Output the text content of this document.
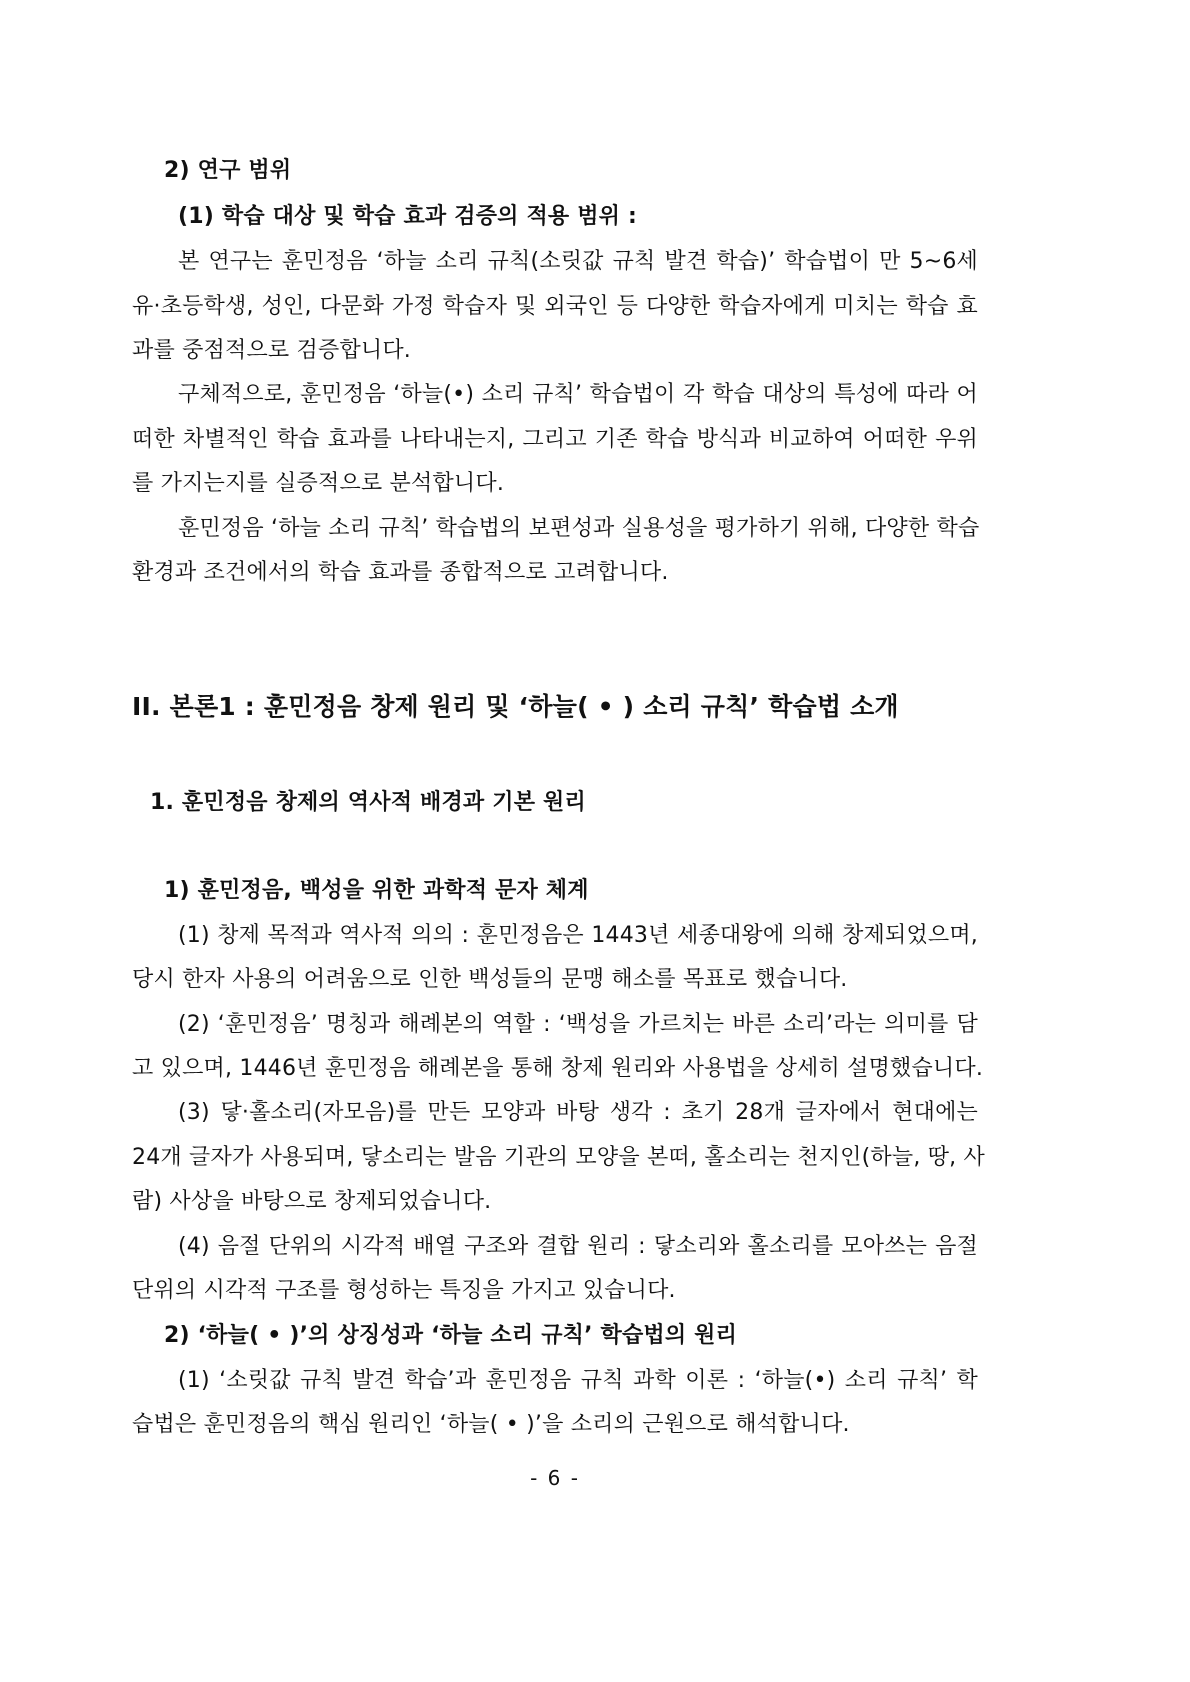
2) 연구 범위
(1) 학습 대상 및 학습 효과 검증의 적용 범위 :
본 연구는 훈민정음 ‘하늘 소리 규칙(소릿값 규칙 발견 학습)’ 학습법이 만 5~6세
유·초등학생, 성인, 다문화 가정 학습자 및 외국인 등 다양한 학습자에게 미치는 학습 효
과를 중점적으로 검증합니다.
구체적으로, 훈민정음 ‘하늘(•) 소리 규칙’ 학습법이 각 학습 대상의 특성에 따라 어
떠한 차별적인 학습 효과를 나타내는지, 그리고 기존 학습 방식과 비교하여 어떠한 우위
를 가지는지를 실증적으로 분석합니다.
훈민정음 ‘하늘 소리 규칙’ 학습법의 보편성과 실용성을 평가하기 위해, 다양한 학습
환경과 조건에서의 학습 효과를 종합적으로 고려합니다.
II. 본론1 : 훈민정음 창제 원리 및 ‘하늘( • ) 소리 규칙’ 학습법 소개
1. 훈민정음 창제의 역사적 배경과 기본 원리
1) 훈민정음, 백성을 위한 과학적 문자 체계
(1) 창제 목적과 역사적 의의 : 훈민정음은 1443년 세종대왕에 의해 창제되었으며,
당시 한자 사용의 어려움으로 인한 백성들의 문맹 해소를 목표로 했습니다.
(2) ‘훈민정음’ 명칭과 해례본의 역할 : ‘백성을 가르치는 바른 소리’라는 의미를 담
고 있으며, 1446년 훈민정음 해례본을 통해 창제 원리와 사용법을 상세히 설명했습니다.
(3) 닿·홀소리(자모음)를 만든 모양과 바탕 생각 : 초기 28개 글자에서 현대에는
24개 글자가 사용되며, 닿소리는 발음 기관의 모양을 본떠, 홀소리는 천지인(하늘, 땅, 사
람) 사상을 바탕으로 창제되었습니다.
(4) 음절 단위의 시각적 배열 구조와 결합 원리 : 닿소리와 홀소리를 모아쓰는 음절
단위의 시각적 구조를 형성하는 특징을 가지고 있습니다.
2) ‘하늘( • )’의 상징성과 ‘하늘 소리 규칙’ 학습법의 원리
(1) ‘소릿값 규칙 발견 학습’과 훈민정음 규칙 과학 이론 : ‘하늘(•) 소리 규칙’ 학
습법은 훈민정음의 핵심 원리인 ‘하늘( • )’을 소리의 근원으로 해석합니다.
- 6 -
